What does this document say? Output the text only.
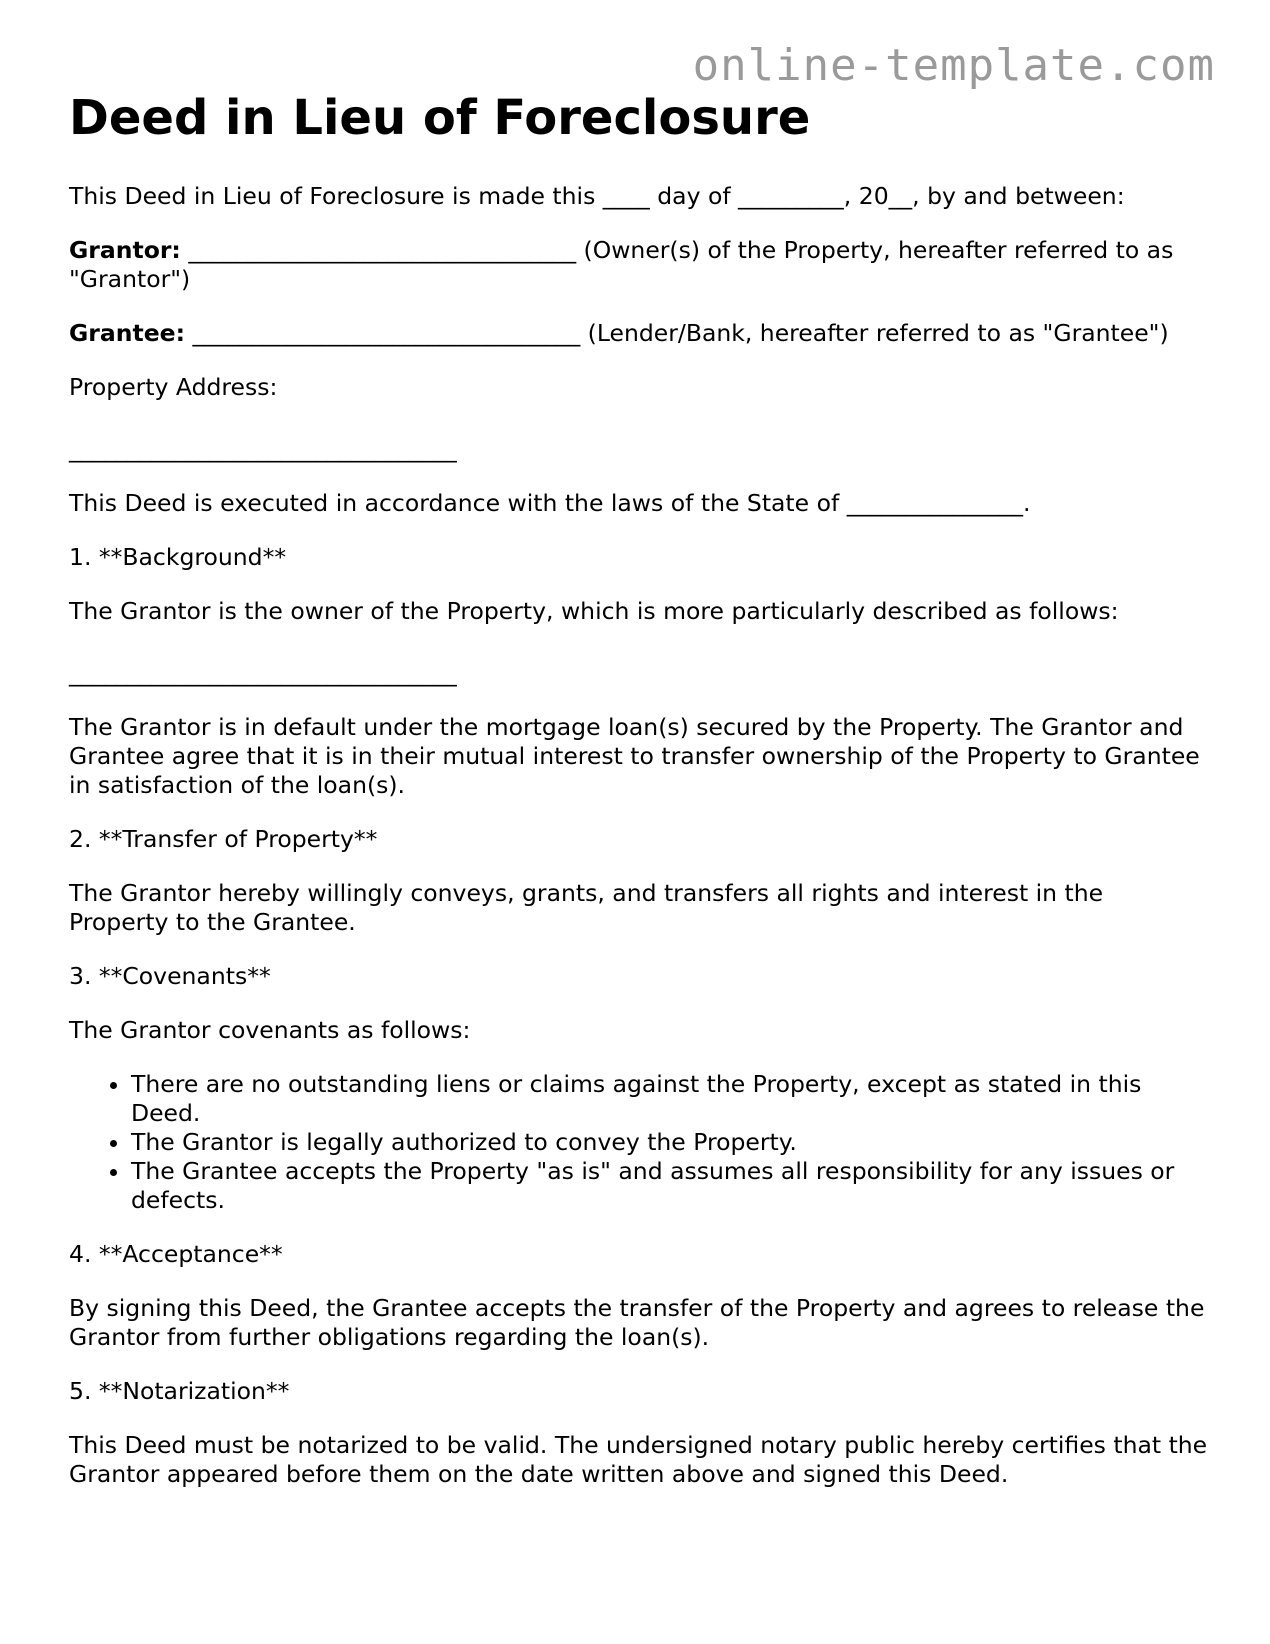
online-template.com
Deed in Lieu of Foreclosure

This Deed in Lieu of Foreclosure is made this ____ day of _________, 20__, by and between:

Grantor: _________________________________ (Owner(s) of the Property, hereafter referred to as "Grantor")

Grantee: _________________________________ (Lender/Bank, hereafter referred to as "Grantee")

Property Address:

_________________________________

This Deed is executed in accordance with the laws of the State of _______________.

1. **Background**

The Grantor is the owner of the Property, which is more particularly described as follows:

_________________________________

The Grantor is in default under the mortgage loan(s) secured by the Property. The Grantor and Grantee agree that it is in their mutual interest to transfer ownership of the Property to Grantee in satisfaction of the loan(s).

2. **Transfer of Property**

The Grantor hereby willingly conveys, grants, and transfers all rights and interest in the Property to the Grantee.

3. **Covenants**

The Grantor covenants as follows:

• There are no outstanding liens or claims against the Property, except as stated in this Deed.
• The Grantor is legally authorized to convey the Property.
• The Grantee accepts the Property "as is" and assumes all responsibility for any issues or defects.

4. **Acceptance**

By signing this Deed, the Grantee accepts the transfer of the Property and agrees to release the Grantor from further obligations regarding the loan(s).

5. **Notarization**

This Deed must be notarized to be valid. The undersigned notary public hereby certifies that the Grantor appeared before them on the date written above and signed this Deed.
